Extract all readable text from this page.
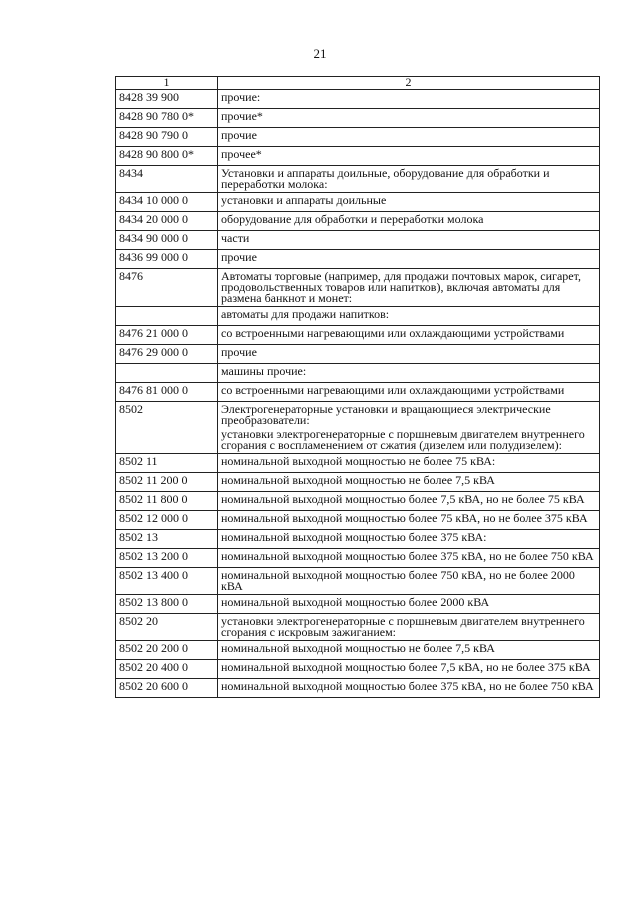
21
1	2
8428 39 900	прочие:

8428 90 780 0*	прочие*

8428 90 790 0	прочие

8428 90 800 0*	прочее*

8434	Установки и аппараты доильные, оборудование для обработки и переработки молока:

8434 10 000 0	установки и аппараты доильные

8434 20 000 0	оборудование для обработки и переработки молока

8434 90 000 0	части

8436 99 000 0	прочие

8476	Автоматы торговые (например, для продажи почтовых марок, сигарет, продовольственных товаров или напитков), включая автоматы для размена банкнот и монет:

	автоматы для продажи напитков:

8476 21 000 0	со встроенными нагревающими или охлаждающими устройствами

8476 29 000 0	прочие

	машины прочие:

8476 81 000 0	со встроенными нагревающими или охлаждающими устройствами

8502	Электрогенераторные установки и вращающиеся электрические преобразователи:
установки электрогенераторные с поршневым двигателем внутреннего сгорания с воспламенением от сжатия (дизелем или полудизелем):

8502 11	номинальной выходной мощностью не более 75 кВА:

8502 11 200 0	номинальной выходной мощностью не более 7,5 кВА

8502 11 800 0	номинальной выходной мощностью более 7,5 кВА, но не более 75 кВА

8502 12 000 0	номинальной выходной мощностью более 75 кВА, но не более 375 кВА

8502 13	номинальной выходной мощностью более 375 кВА:

8502 13 200 0	номинальной выходной мощностью более 375 кВА, но не более 750 кВА

8502 13 400 0	номинальной выходной мощностью более 750 кВА, но не более 2000 кВА

8502 13 800 0	номинальной выходной мощностью более 2000 кВА

8502 20	установки электрогенераторные с поршневым двигателем внутреннего сгорания с искровым зажиганием:

8502 20 200 0	номинальной выходной мощностью не более 7,5 кВА

8502 20 400 0	номинальной выходной мощностью более 7,5 кВА, но не более 375 кВА

8502 20 600 0	номинальной выходной мощностью более 375 кВА, но не более 750 кВА
